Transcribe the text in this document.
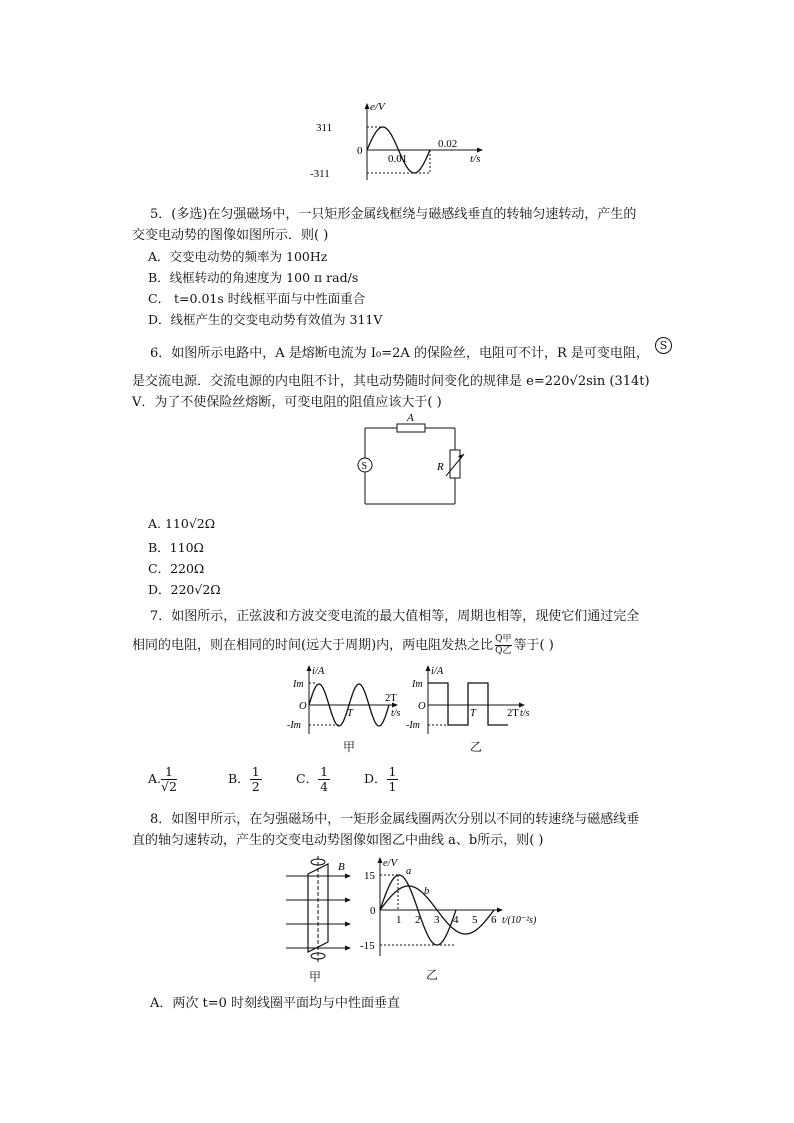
e/V
311
0
-311
0.01
0.02
t/s
5．(多选)在匀强磁场中，一只矩形金属线框绕与磁感线垂直的转轴匀速转动，产生的
交变电动势的图像如图所示．则( )
A．交变电动势的频率为 100Hz
B．线框转动的角速度为 100 π rad/s
C． t=0.01s 时线框平面与中性面重合
D．线框产生的交变电动势有效值为 311V
6．如图所示电路中，A 是熔断电流为 I₀=2A 的保险丝，电阻可不计，R 是可变电阻，
S
是交流电源．交流电源的内电阻不计，其电动势随时间变化的规律是 e=220√2sin (314t)
V．为了不使保险丝熔断，可变电阻的阻值应该大于( )
S
A
R
A. 110√2Ω
B．110Ω
C．220Ω
D．220√2Ω
7．如图所示，正弦波和方波交变电流的最大值相等，周期也相等，现使它们通过完全
相同的电阻，则在相同的时间(远大于周期)内，两电阻发热之比 Q甲
Q乙 等于( )
i/A
Im
O
-Im
T
2T
t/s
甲
i/A
Im
O
-Im
T	2T t/s
乙
A. $\frac{1}{√2}$	B． $\frac{1}{2}$	C． $\frac{1}{4}$	D． $\frac{1}{1}$
8．如图甲所示，在匀强磁场中，一矩形金属线圈两次分别以不同的转速绕与磁感线垂
直的轴匀速转动，产生的交变电动势图像如图乙中曲线 a、b所示，则( )
B
甲
e/V
15
0
-15
1 2 3 4 5 6 t/(10⁻²s)
a
b
乙
A．两次 t=0 时刻线圈平面均与中性面垂直
